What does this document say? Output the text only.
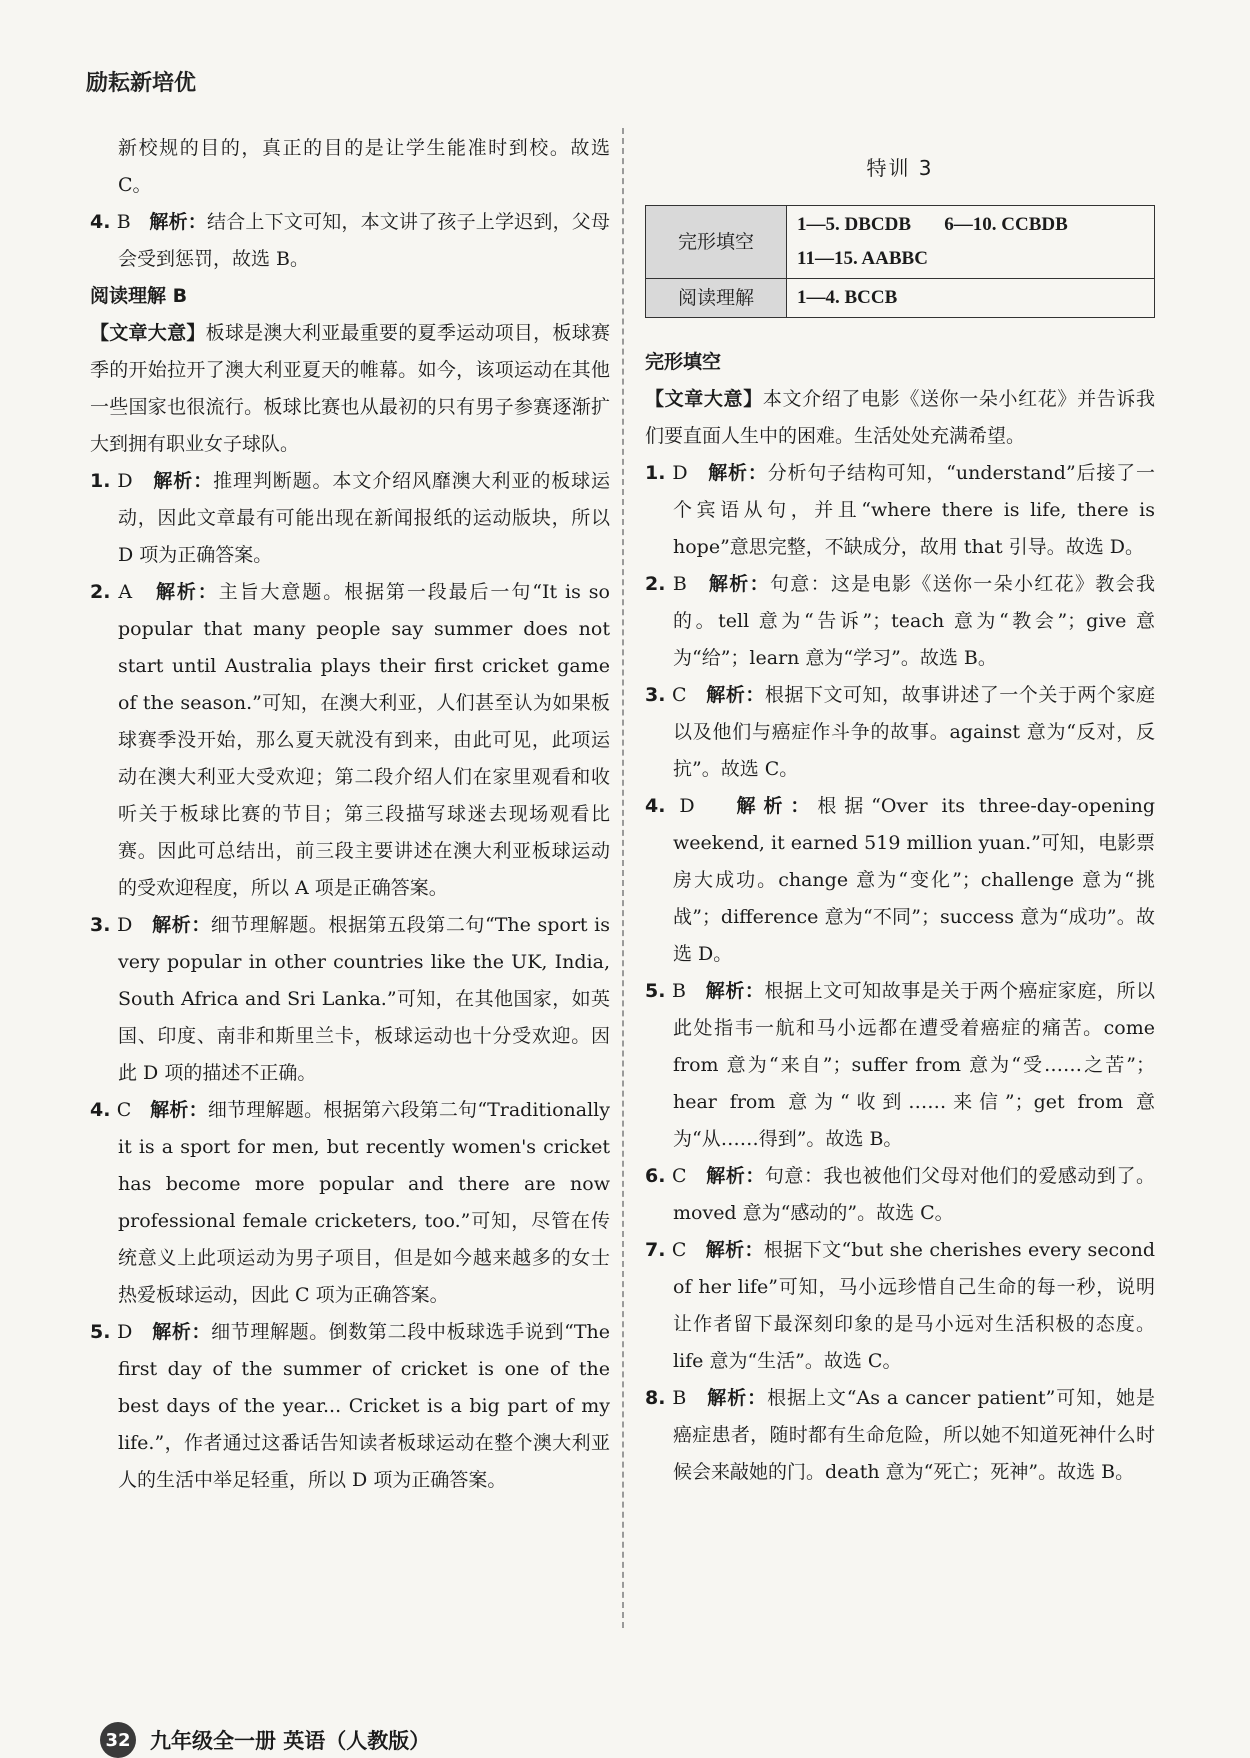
励耘新培优

新校规的目的，真正的目的是让学生能准时到校。故选 C。

4. B 解析：结合上下文可知，本文讲了孩子上学迟到，父母会受到惩罚，故选 B。

阅读理解 B

【文章大意】板球是澳大利亚最重要的夏季运动项目，板球赛季的开始拉开了澳大利亚夏天的帷幕。如今，该项运动在其他一些国家也很流行。板球比赛也从最初的只有男子参赛逐渐扩大到拥有职业女子球队。

1. D 解析：推理判断题。本文介绍风靡澳大利亚的板球运动，因此文章最有可能出现在新闻报纸的运动版块，所以 D 项为正确答案。

2. A 解析：主旨大意题。根据第一段最后一句“It is so popular that many people say summer does not start until Australia plays their first cricket game of the season.”可知，在澳大利亚，人们甚至认为如果板球赛季没开始，那么夏天就没有到来，由此可见，此项运动在澳大利亚大受欢迎；第二段介绍人们在家里观看和收听关于板球比赛的节目；第三段描写球迷去现场观看比赛。因此可总结出，前三段主要讲述在澳大利亚板球运动的受欢迎程度，所以 A 项是正确答案。

3. D 解析：细节理解题。根据第五段第二句“The sport is very popular in other countries like the UK, India, South Africa and Sri Lanka.”可知，在其他国家，如英国、印度、南非和斯里兰卡，板球运动也十分受欢迎。因此 D 项的描述不正确。

4. C 解析：细节理解题。根据第六段第二句“Traditionally it is a sport for men, but recently women's cricket has become more popular and there are now professional female cricketers, too.”可知，尽管在传统意义上此项运动为男子项目，但是如今越来越多的女士热爱板球运动，因此 C 项为正确答案。

5. D 解析：细节理解题。倒数第二段中板球选手说到“The first day of the summer of cricket is one of the best days of the year... Cricket is a big part of my life.”，作者通过这番话告知读者板球运动在整个澳大利亚人的生活中举足轻重，所以 D 项为正确答案。

特训 3
完形填空	1—5. DBCDB 6—10. CCBDB
11—15. AABBC
阅读理解	1—4. BCCB

完形填空

【文章大意】本文介绍了电影《送你一朵小红花》并告诉我们要直面人生中的困难。生活处处充满希望。

1. D 解析：分析句子结构可知，“understand”后接了一个宾语从句，并且“where there is life, there is hope”意思完整，不缺成分，故用 that 引导。故选 D。

2. B 解析：句意：这是电影《送你一朵小红花》教会我的。tell 意为“告诉”；teach 意为“教会”；give 意为“给”；learn 意为“学习”。故选 B。

3. C 解析：根据下文可知，故事讲述了一个关于两个家庭以及他们与癌症作斗争的故事。against 意为“反对，反抗”。故选 C。

4. D 解析：根据“Over its three-day-opening weekend, it earned 519 million yuan.”可知，电影票房大成功。change 意为“变化”；challenge 意为“挑战”；difference 意为“不同”；success 意为“成功”。故选 D。

5. B 解析：根据上文可知故事是关于两个癌症家庭，所以此处指韦一航和马小远都在遭受着癌症的痛苦。come from 意为“来自”；suffer from 意为“受……之苦”；hear from 意为“收到……来信”；get from 意为“从……得到”。故选 B。

6. C 解析：句意：我也被他们父母对他们的爱感动到了。moved 意为“感动的”。故选 C。

7. C 解析：根据下文“but she cherishes every second of her life”可知，马小远珍惜自己生命的每一秒，说明让作者留下最深刻印象的是马小远对生活积极的态度。life 意为“生活”。故选 C。

8. B 解析：根据上文“As a cancer patient”可知，她是癌症患者，随时都有生命危险，所以她不知道死神什么时候会来敲她的门。death 意为“死亡；死神”。故选 B。

32 九年级全一册 英语（人教版）
